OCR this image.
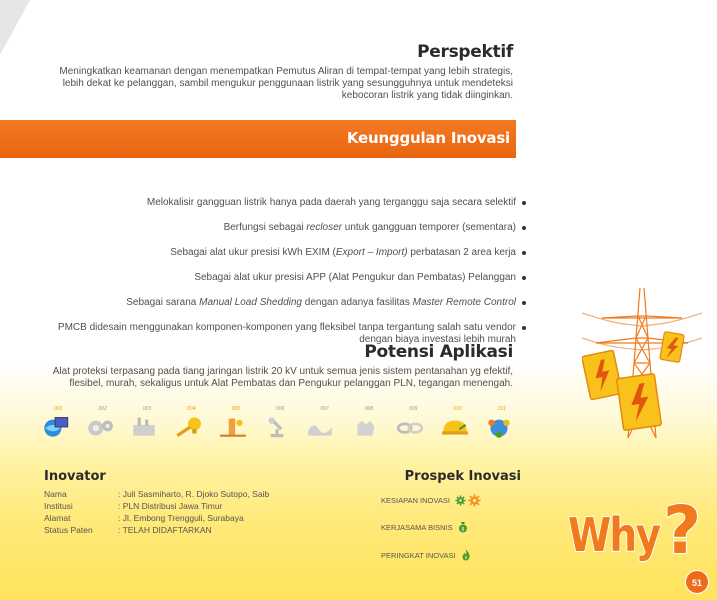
Perspektif
Meningkatkan keamanan dengan menempatkan Pemutus Aliran di tempat-tempat yang lebih strategis,
lebih dekat ke pelanggan, sambil mengukur penggunaan listrik yang sesungguhnya untuk mendeteksi
kebocoran listrik yang tidak diinginkan.
Keunggulan Inovasi
Melokalisir gangguan listrik hanya pada daerah yang terganggu saja secara selektif
Berfungsi sebagai recloser untuk gangguan temporer (sementara)
Sebagai alat ukur presisi kWh EXIM (Export – Import) perbatasan 2 area kerja
Sebagai alat ukur presisi APP (Alat Pengukur dan Pembatas) Pelanggan
Sebagai sarana Manual Load Shedding dengan adanya fasilitas Master Remote Control
PMCB didesain menggunakan komponen-komponen yang fleksibel tanpa tergantung salah satu vendor
dengan biaya investasi lebih murah
Potensi Aplikasi
Alat proteksi terpasang pada tiang jaringan listrik 20 kV untuk semua jenis sistem pentanahan yg efektif,
flesibel, murah, sekaligus untuk Alat Pembatas dan Pengukur pelanggan PLN, tegangan menengah.
001	002	003	004	005	006	007	008	009	010	011
Inovator
Nama	: Juli Sasmiharto, R. Djoko Sutopo, Saib
Institusi	: PLN Distribusi Jawa Timur
Alamat	: Jl. Embong Trengguli, Surabaya
Status Paten	: TELAH DIDAFTARKAN
Prospek Inovasi
KESIAPAN INOVASI
KERJASAMA BISNIS $
PERINGKAT INOVASI Why ?
51
